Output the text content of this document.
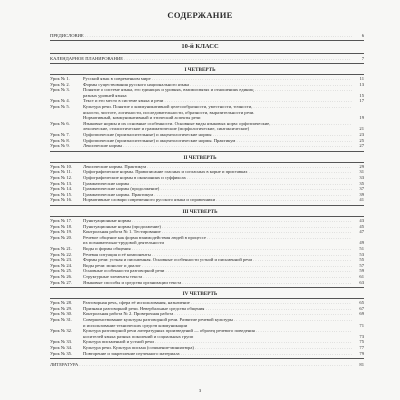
СОДЕРЖАНИЕ
ПРЕДИСЛОВИЕ . . .	6
10-й КЛАСС
КАЛЕНДАРНОЕ ПЛАНИРОВАНИЕ . . .	7
I ЧЕТВЕРТЬ
Урок № 1.	Русский язык в современном мире . . .	11
Урок № 2.	Формы существования русского национального языка . . .	13
Урок № 3.	Понятие о системе языка, его единицах и уровнях, взаимосвязях и отношениях единиц . . .
разных уровней языка	15
Урок № 4.	Текст и его место в системе языка и речи . . .	17
Урок № 5.	Культура речи. Понятие о коммуникативной целесообразности, уместности, точности, . . .
ясности, чистоте, логичности, последовательности, образности, выразительности речи.
Нормативный, коммуникативный и этический аспекты речи	19
Урок № 6.	Языковые нормы и их основные особенности. Основные виды языковых норм: орфоэпические, . . .
лексические, стилистические и грамматические (морфологические, синтаксические)	21
Урок № 7.	Орфоэпические (произносительные) и акцентологические нормы . . .	23
Урок № 8.	Орфоэпические (произносительные) и акцентологические нормы. Практикум . . .	25
Урок № 9.	Лексические нормы . . .	27
II ЧЕТВЕРТЬ
Урок № 10.	Лексические нормы. Практикум . . .	29
Урок № 11.	Орфографические нормы. Правописание гласных и согласных в корне и приставках . . .	31
Урок № 12.	Орфографические нормы в окончаниях и суффиксах . . .	33
Урок № 13.	Грамматические нормы . . .	35
Урок № 14.	Грамматические нормы (продолжение) . . .	37
Урок № 15.	Грамматические нормы. Практикум . . .	39
Урок № 16.	Нормативные словари современного русского языка и справочники . . .	41
III ЧЕТВЕРТЬ
Урок № 17.	Пунктуационные нормы . . .	43
Урок № 18.	Пунктуационные нормы (продолжение) . . .	45
Урок № 19.	Контрольная работа № 1. Тестирование . . .	47
Урок № 20.	Речевое общение как форма взаимодействия людей в процессе . . .
их познавательно-трудовой деятельности	49
Урок № 21.	Виды и формы общения . . .	51
Урок № 22.	Речевая ситуация и её компоненты . . .	53
Урок № 23.	Формы речи: устная и письменная. Основные особенности устной и письменной речи . . .	55
Урок № 24.	Виды речи: монолог и диалог . . .	57
Урок № 25.	Основные особенности разговорной речи . . .	59
Урок № 26.	Структурные элементы текста . . .	61
Урок № 27.	Языковые способы и средства организации текста . . .	63
IV ЧЕТВЕРТЬ
Урок № 28.	Разговорная речь, сфера её использования, назначение . . .	65
Урок № 29.	Признаки разговорной речи. Невербальные средства общения . . .	67
Урок № 30.	Контрольная работа № 2. Проверочная работа . . .	69
Урок № 31.	Совершенствование культуры разговорной речи. Развитие речевой культуры . . .
и использование технических средств коммуникации	71
Урок № 32.	Культура разговорной речи литературных произведений — образец речевого поведения . . .
носителей языка разных поколений и социальных групп	73
Урок № 33.	Культура письменной и устной речи . . .	75
Урок № 34.	Культура речи. Культура письма (сочинение-миниатюра) . . .	77
Урок № 35.	Повторение и закрепление изученного материала . . .	79
ЛИТЕРАТУРА . . .	81
3
